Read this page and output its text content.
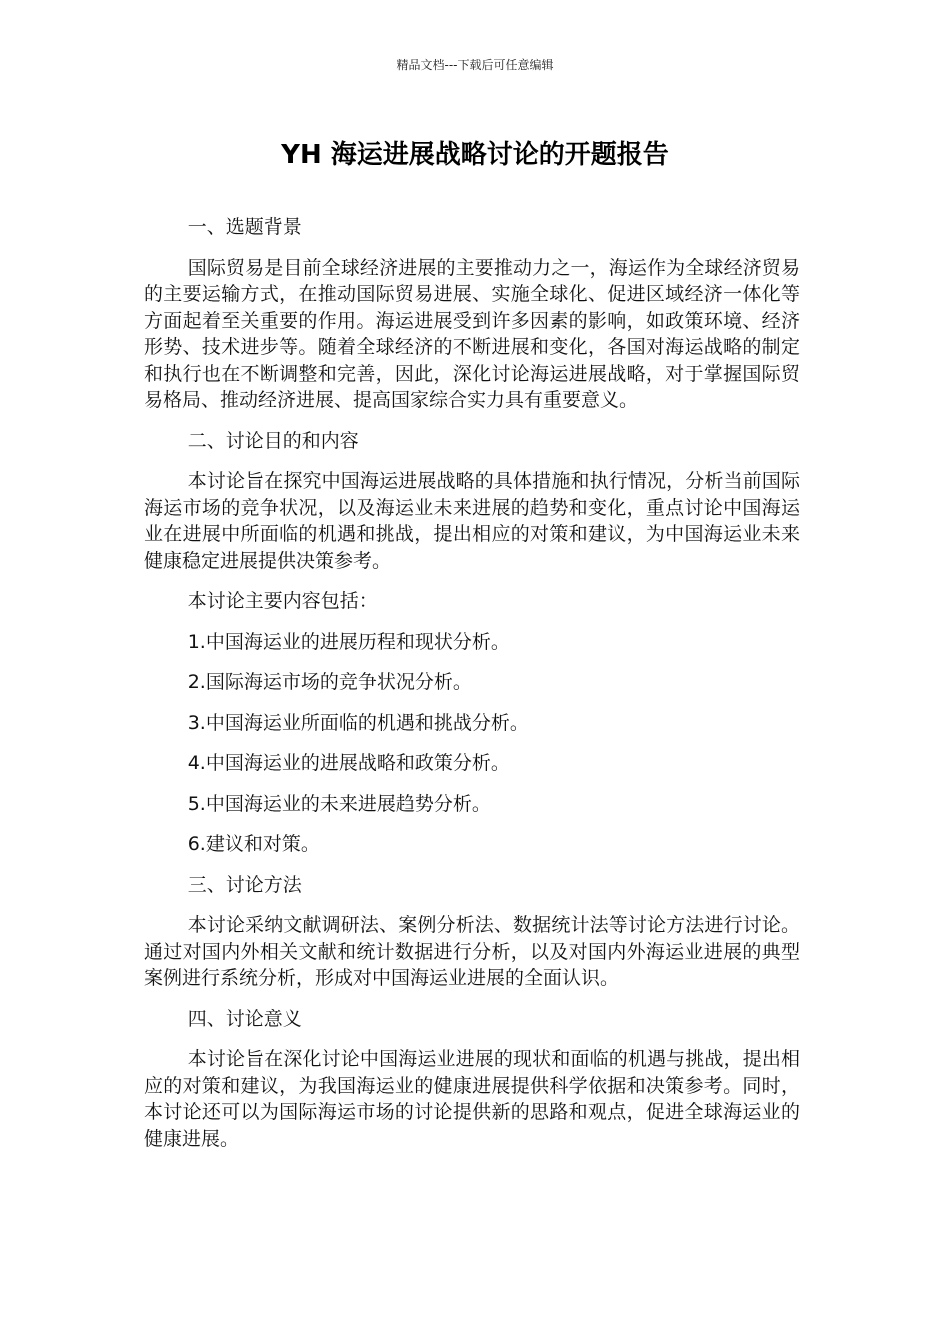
精品文档---下载后可任意编辑
YH 海运进展战略讨论的开题报告

一、选题背景

国际贸易是目前全球经济进展的主要推动力之一，海运作为全球经济贸易的主要运输方式，在推动国际贸易进展、实施全球化、促进区域经济一体化等方面起着至关重要的作用。海运进展受到许多因素的影响，如政策环境、经济形势、技术进步等。随着全球经济的不断进展和变化，各国对海运战略的制定和执行也在不断调整和完善，因此，深化讨论海运进展战略，对于掌握国际贸易格局、推动经济进展、提高国家综合实力具有重要意义。

二、讨论目的和内容

本讨论旨在探究中国海运进展战略的具体措施和执行情况，分析当前国际海运市场的竞争状况，以及海运业未来进展的趋势和变化，重点讨论中国海运业在进展中所面临的机遇和挑战，提出相应的对策和建议，为中国海运业未来健康稳定进展提供决策参考。

本讨论主要内容包括：

1.中国海运业的进展历程和现状分析。

2.国际海运市场的竞争状况分析。

3.中国海运业所面临的机遇和挑战分析。

4.中国海运业的进展战略和政策分析。

5.中国海运业的未来进展趋势分析。

6.建议和对策。

三、讨论方法

本讨论采纳文献调研法、案例分析法、数据统计法等讨论方法进行讨论。通过对国内外相关文献和统计数据进行分析，以及对国内外海运业进展的典型案例进行系统分析，形成对中国海运业进展的全面认识。

四、讨论意义

本讨论旨在深化讨论中国海运业进展的现状和面临的机遇与挑战，提出相应的对策和建议，为我国海运业的健康进展提供科学依据和决策参考。同时，本讨论还可以为国际海运市场的讨论提供新的思路和观点，促进全球海运业的健康进展。
